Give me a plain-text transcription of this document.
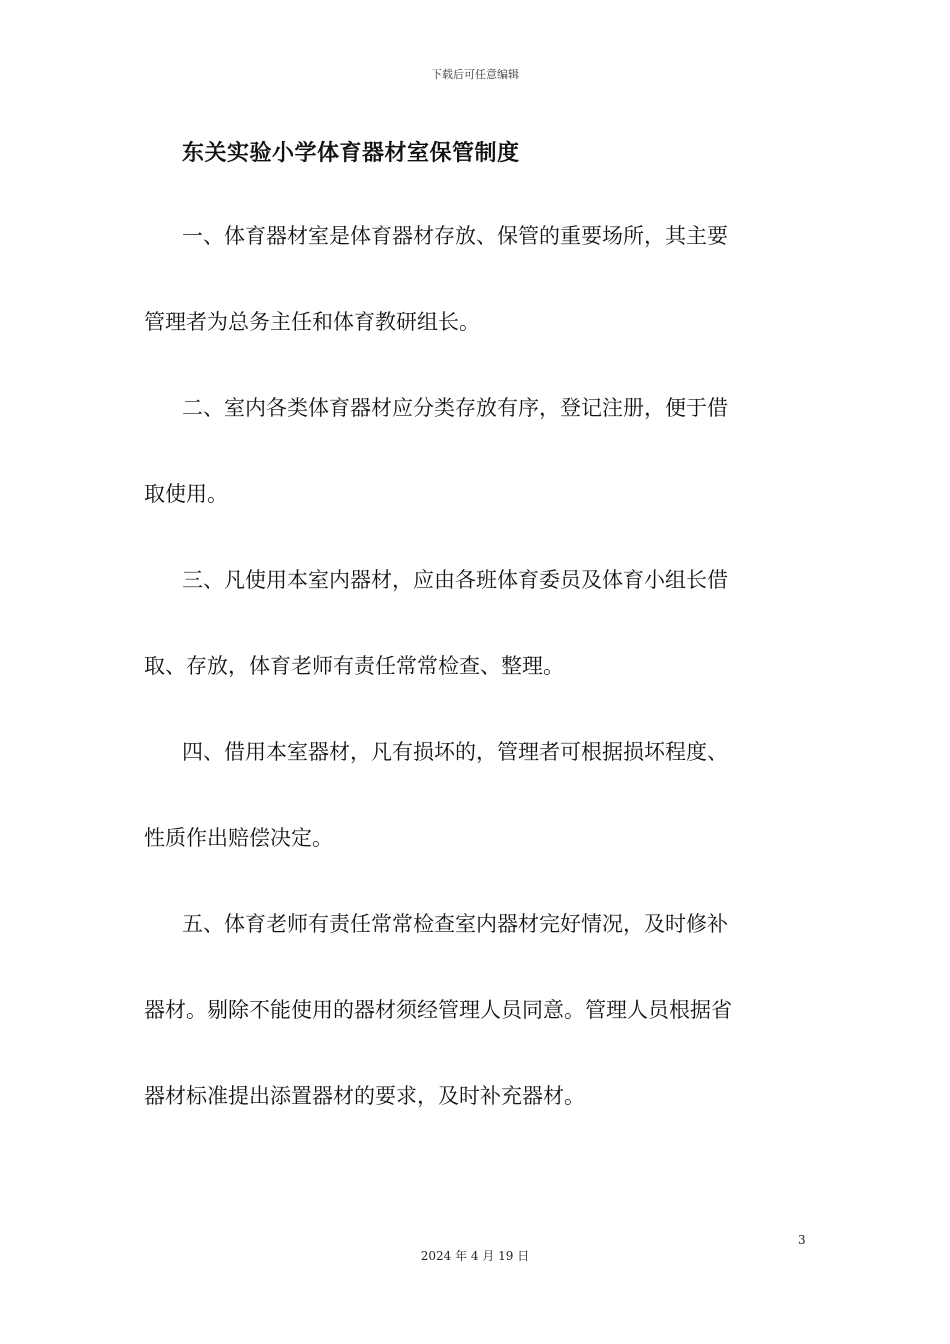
下载后可任意编辑
东关实验小学体育器材室保管制度
一、体育器材室是体育器材存放、保管的重要场所，其主要
管理者为总务主任和体育教研组长。
二、室内各类体育器材应分类存放有序，登记注册，便于借
取使用。
三、凡使用本室内器材，应由各班体育委员及体育小组长借
取、存放，体育老师有责任常常检查、整理。
四、借用本室器材，凡有损坏的，管理者可根据损坏程度、
性质作出赔偿决定。
五、体育老师有责任常常检查室内器材完好情况，及时修补
器材。剔除不能使用的器材须经管理人员同意。管理人员根据省
器材标准提出添置器材的要求，及时补充器材。
3
2024 年 4 月 19 日
